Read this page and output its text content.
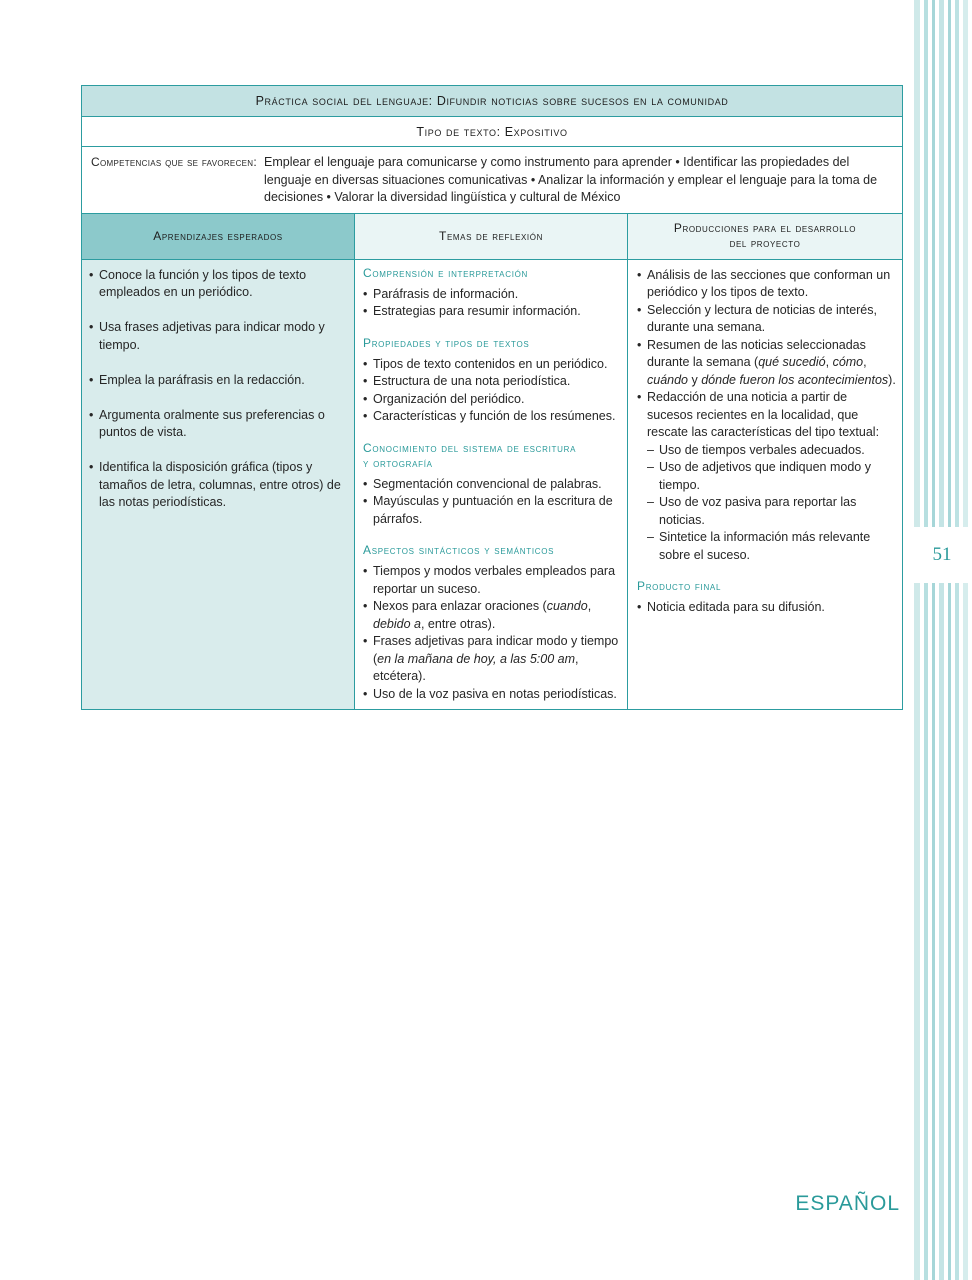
51
ESPAÑOL
Práctica social del lenguaje: Difundir noticias sobre sucesos en la comunidad
Tipo de texto: Expositivo
Competencias que se favorecen: Emplear el lenguaje para comunicarse y como instrumento para aprender • Identificar las propiedades del lenguaje en diversas situaciones comunicativas • Analizar la información y emplear el lenguaje para la toma de decisiones • Valorar la diversidad lingüística y cultural de México
Aprendizajes esperados	Temas de reflexión
Producciones para el desarrollo
del proyecto
• Conoce la función y los tipos de texto empleados en un periódico.
• Usa frases adjetivas para indicar modo y tiempo.
• Emplea la paráfrasis en la redacción.
• Argumenta oralmente sus preferencias o puntos de vista.
• Identifica la disposición gráfica (tipos y tamaños de letra, columnas, entre otros) de las notas periodísticas.
Comprensión e interpretación
• Paráfrasis de información.
• Estrategias para resumir información.
Propiedades y tipos de textos
• Tipos de texto contenidos en un periódico.
• Estructura de una nota periodística.
• Organización del periódico.
• Características y función de los resúmenes.
Conocimiento del sistema de escritura
y ortografía
• Segmentación convencional de palabras.
• Mayúsculas y puntuación en la escritura de párrafos.
Aspectos sintácticos y semánticos
• Tiempos y modos verbales empleados para reportar un suceso.
• Nexos para enlazar oraciones (cuando, debido a, entre otras).
• Frases adjetivas para indicar modo y tiempo (en la mañana de hoy, a las 5:00 am, etcétera).
• Uso de la voz pasiva en notas periodísticas.
• Análisis de las secciones que conforman un periódico y los tipos de texto.
• Selección y lectura de noticias de interés, durante una semana.
• Resumen de las noticias seleccionadas durante la semana (qué sucedió, cómo, cuándo y dónde fueron los acontecimientos).
• Redacción de una noticia a partir de sucesos recientes en la localidad, que rescate las características del tipo textual:
– Uso de tiempos verbales adecuados.
– Uso de adjetivos que indiquen modo y tiempo.
– Uso de voz pasiva para reportar las noticias.
– Sintetice la información más relevante sobre el suceso.
Producto final
• Noticia editada para su difusión.
